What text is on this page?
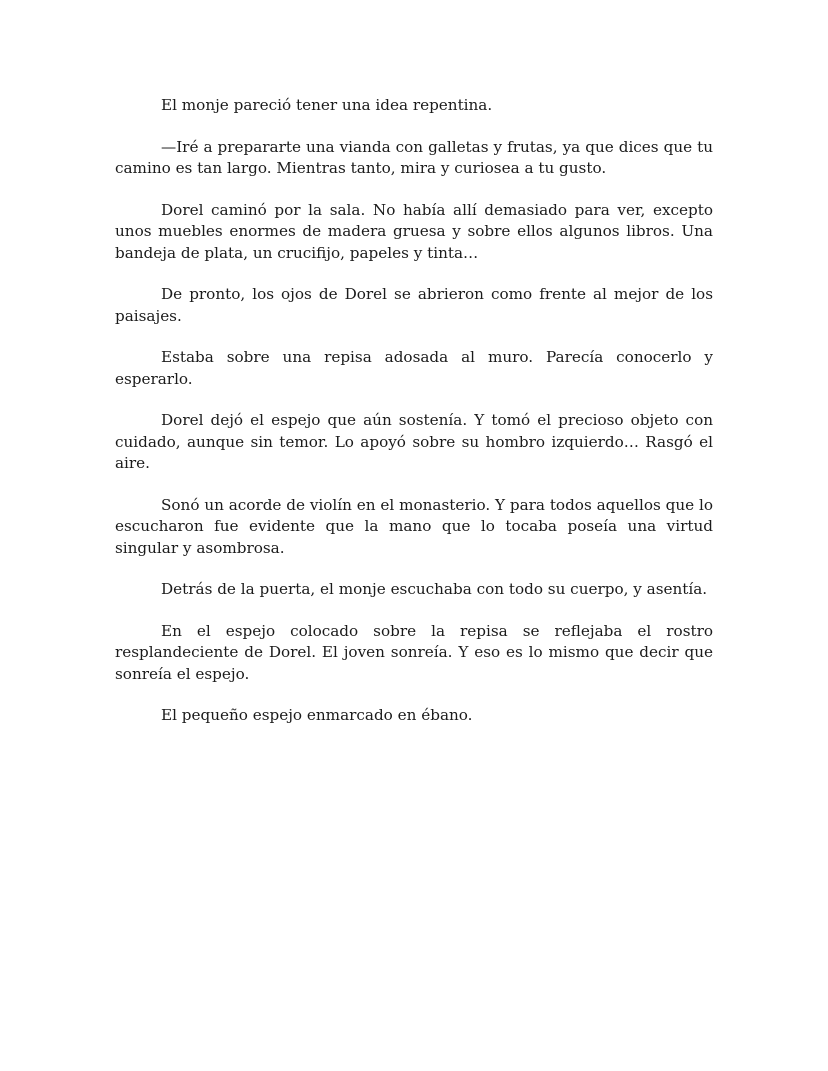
El monje pareció tener una idea repentina.

—Iré a prepararte una vianda con galletas y frutas, ya que dices que tu camino es tan largo. Mientras tanto, mira y curiosea a tu gusto.

Dorel caminó por la sala. No había allí demasiado para ver, excepto unos muebles enormes de madera gruesa y sobre ellos algunos libros. Una bandeja de plata, un crucifijo, papeles y tinta…

De pronto, los ojos de Dorel se abrieron como frente al mejor de los paisajes.

Estaba sobre una repisa adosada al muro. Parecía conocerlo y esperarlo.

Dorel dejó el espejo que aún sostenía. Y tomó el precioso objeto con cuidado, aunque sin temor. Lo apoyó sobre su hombro izquierdo… Rasgó el aire.

Sonó un acorde de violín en el monasterio. Y para todos aquellos que lo escucharon fue evidente que la mano que lo tocaba poseía una virtud singular y asombrosa.

Detrás de la puerta, el monje escuchaba con todo su cuerpo, y asentía.

En el espejo colocado sobre la repisa se reflejaba el rostro resplandeciente de Dorel. El joven sonreía. Y eso es lo mismo que decir que sonreía el espejo.

El pequeño espejo enmarcado en ébano.
